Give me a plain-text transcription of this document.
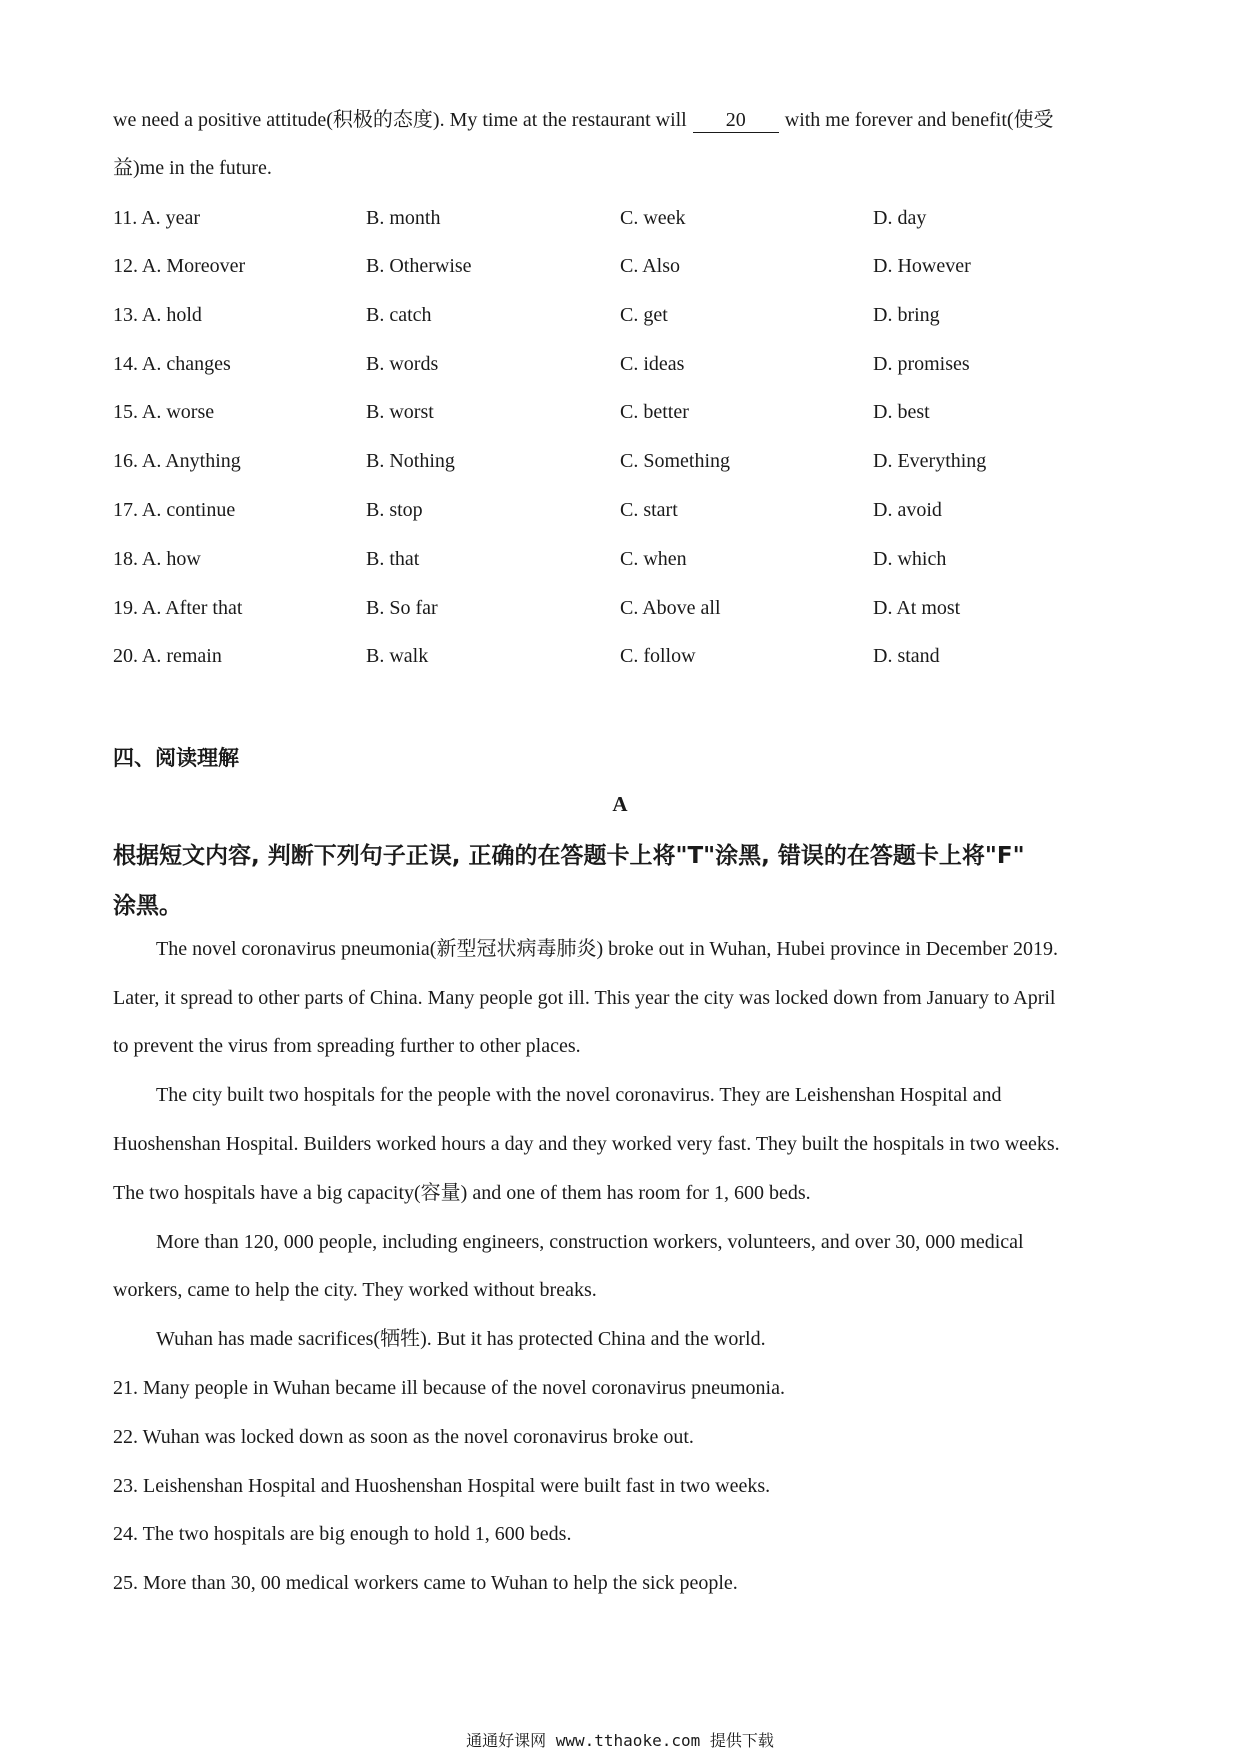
we need a positive attitude(积极的态度). My time at the restaurant will 20 with me forever and benefit(使受
益)me in the future.
11. A. year	B. month	C. week	D. day
12. A. Moreover	B. Otherwise	C. Also	D. However
13. A. hold	B. catch	C. get	D. bring
14. A. changes	B. words	C. ideas	D. promises
15. A. worse	B. worst	C. better	D. best
16. A. Anything	B. Nothing	C. Something	D. Everything
17. A. continue	B. stop	C. start	D. avoid
18. A. how	B. that	C. when	D. which
19. A. After that	B. So far	C. Above all	D. At most
20. A. remain	B. walk	C. follow	D. stand
四、阅读理解
A
根据短文内容, 判断下列句子正误, 正确的在答题卡上将"T"涂黑, 错误的在答题卡上将"F"
涂黑。
The novel coronavirus pneumonia(新型冠状病毒肺炎) broke out in Wuhan, Hubei province in December 2019.
Later, it spread to other parts of China. Many people got ill. This year the city was locked down from January to April
to prevent the virus from spreading further to other places.
The city built two hospitals for the people with the novel coronavirus. They are Leishenshan Hospital and
Huoshenshan Hospital. Builders worked hours a day and they worked very fast. They built the hospitals in two weeks.
The two hospitals have a big capacity(容量) and one of them has room for 1, 600 beds.
More than 120, 000 people, including engineers, construction workers, volunteers, and over 30, 000 medical
workers, came to help the city. They worked without breaks.
Wuhan has made sacrifices(牺牲). But it has protected China and the world.
21. Many people in Wuhan became ill because of the novel coronavirus pneumonia.
22. Wuhan was locked down as soon as the novel coronavirus broke out.
23. Leishenshan Hospital and Huoshenshan Hospital were built fast in two weeks.
24. The two hospitals are big enough to hold 1, 600 beds.
25. More than 30, 00 medical workers came to Wuhan to help the sick people.
通通好课网 www.tthaoke.com 提供下载
